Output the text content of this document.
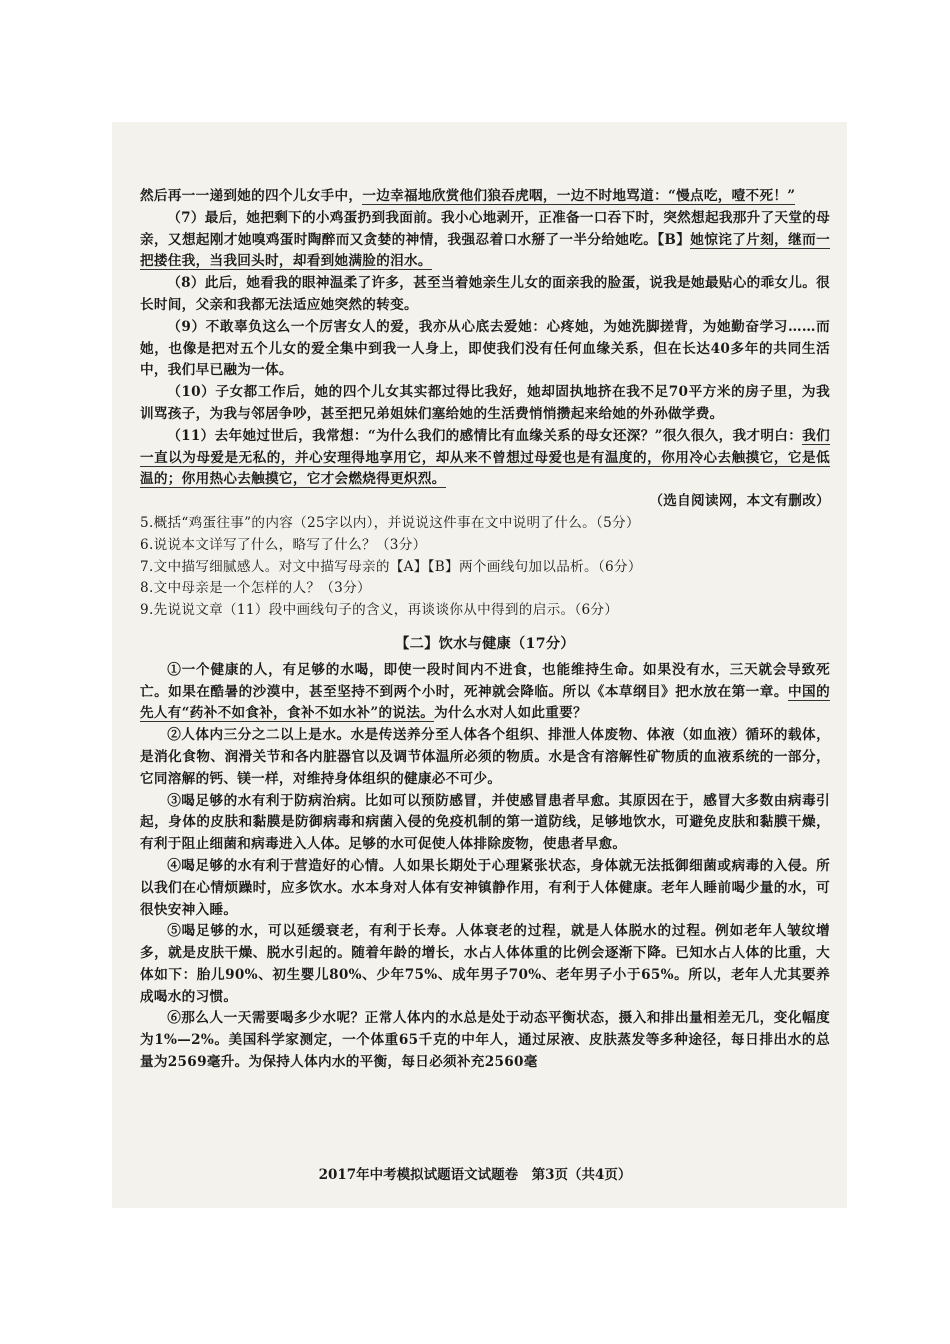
然后再一一递到她的四个儿女手中，一边幸福地欣赏他们狼吞虎咽，一边不时地骂道：“慢点吃，噎不死！”

（7）最后，她把剩下的小鸡蛋扔到我面前。我小心地剥开，正准备一口吞下时，突然想起我那升了天堂的母亲，又想起刚才她嗅鸡蛋时陶醉而又贪婪的神情，我强忍着口水掰了一半分给她吃。【B】她惊诧了片刻，继而一把搂住我，当我回头时，却看到她满脸的泪水。

（8）此后，她看我的眼神温柔了许多，甚至当着她亲生儿女的面亲我的脸蛋，说我是她最贴心的乖女儿。很长时间，父亲和我都无法适应她突然的转变。

（9）不敢辜负这么一个厉害女人的爱，我亦从心底去爱她：心疼她，为她洗脚搓背，为她勤奋学习……而她，也像是把对五个儿女的爱全集中到我一人身上，即使我们没有任何血缘关系，但在长达40多年的共同生活中，我们早已融为一体。

（10）子女都工作后，她的四个儿女其实都过得比我好，她却固执地挤在我不足70平方米的房子里，为我训骂孩子，为我与邻居争吵，甚至把兄弟姐妹们塞给她的生活费悄悄攒起来给她的外孙做学费。

（11）去年她过世后，我常想：“为什么我们的感情比有血缘关系的母女还深？”很久很久，我才明白：我们一直以为母爱是无私的，并心安理得地享用它，却从来不曾想过母爱也是有温度的，你用冷心去触摸它，它是低温的；你用热心去触摸它，它才会燃烧得更炽烈。

（选自阅读网，本文有删改）

5.概括“鸡蛋往事”的内容（25字以内），并说说这件事在文中说明了什么。（5分）

6.说说本文详写了什么，略写了什么？（3分）

7.文中描写细腻感人。对文中描写母亲的【A】【B】两个画线句加以品析。（6分）

8.文中母亲是一个怎样的人？（3分）

9.先说说文章（11）段中画线句子的含义，再谈谈你从中得到的启示。（6分）

【二】饮水与健康（17分）

①一个健康的人，有足够的水喝，即使一段时间内不进食，也能维持生命。如果没有水，三天就会导致死亡。如果在酷暑的沙漠中，甚至坚持不到两个小时，死神就会降临。所以《本草纲目》把水放在第一章。中国的先人有“药补不如食补，食补不如水补”的说法。为什么水对人如此重要？

②人体内三分之二以上是水。水是传送养分至人体各个组织、排泄人体废物、体液（如血液）循环的载体，是消化食物、润滑关节和各内脏器官以及调节体温所必须的物质。水是含有溶解性矿物质的血液系统的一部分，它同溶解的钙、镁一样，对维持身体组织的健康必不可少。

③喝足够的水有利于防病治病。比如可以预防感冒，并使感冒患者早愈。其原因在于，感冒大多数由病毒引起，身体的皮肤和黏膜是防御病毒和病菌入侵的免疫机制的第一道防线，足够地饮水，可避免皮肤和黏膜干燥，有利于阻止细菌和病毒进入人体。足够的水可促使人体排除废物，使患者早愈。

④喝足够的水有利于营造好的心情。人如果长期处于心理紧张状态，身体就无法抵御细菌或病毒的入侵。所以我们在心情烦躁时，应多饮水。水本身对人体有安神镇静作用，有利于人体健康。老年人睡前喝少量的水，可很快安神入睡。

⑤喝足够的水，可以延缓衰老，有利于长寿。人体衰老的过程，就是人体脱水的过程。例如老年人皱纹增多，就是皮肤干燥、脱水引起的。随着年龄的增长，水占人体体重的比例会逐渐下降。已知水占人体的比重，大体如下：胎儿90%、初生婴儿80%、少年75%、成年男子70%、老年男子小于65%。所以，老年人尤其要养成喝水的习惯。

⑥那么人一天需要喝多少水呢？正常人体内的水总是处于动态平衡状态，摄入和排出量相差无几，变化幅度为1%—2%。美国科学家测定，一个体重65千克的中年人，通过尿液、皮肤蒸发等多种途径，每日排出水的总量为2569毫升。为保持人体内水的平衡，每日必须补充2560毫

2017年中考模拟试题语文试题卷　第3页（共4页）
